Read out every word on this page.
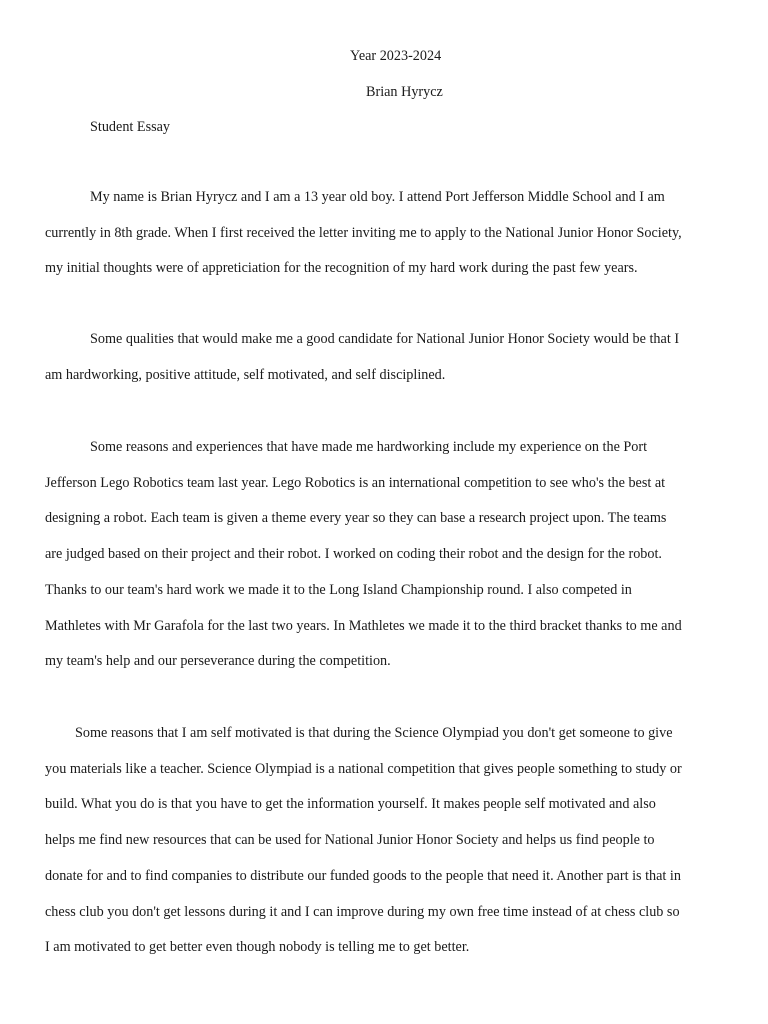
Year 2023-2024
Brian Hyrycz
Student Essay
My name is Brian Hyrycz and I am a 13 year old boy. I attend Port Jefferson Middle School and I am
currently in 8th grade. When I first received the letter inviting me to apply to the National Junior Honor Society,
my initial thoughts were of appreticiation for the recognition of my hard work during the past few years.
Some qualities that would make me a good candidate for National Junior Honor Society would be that I
am hardworking, positive attitude, self motivated, and self disciplined.
Some reasons and experiences that have made me hardworking include my experience on the Port
Jefferson Lego Robotics team last year. Lego Robotics is an international competition to see who's the best at
designing a robot. Each team is given a theme every year so they can base a research project upon. The teams
are judged based on their project and their robot. I worked on coding their robot and the design for the robot.
Thanks to our team's hard work we made it to the Long Island Championship round. I also competed in
Mathletes with Mr Garafola for the last two years. In Mathletes we made it to the third bracket thanks to me and
my team's help and our perseverance during the competition.
Some reasons that I am self motivated is that during the Science Olympiad you don't get someone to give
you materials like a teacher. Science Olympiad is a national competition that gives people something to study or
build. What you do is that you have to get the information yourself. It makes people self motivated and also
helps me find new resources that can be used for National Junior Honor Society and helps us find people to
donate for and to find companies to distribute our funded goods to the people that need it. Another part is that in
chess club you don't get lessons during it and I can improve during my own free time instead of at chess club so
I am motivated to get better even though nobody is telling me to get better.
